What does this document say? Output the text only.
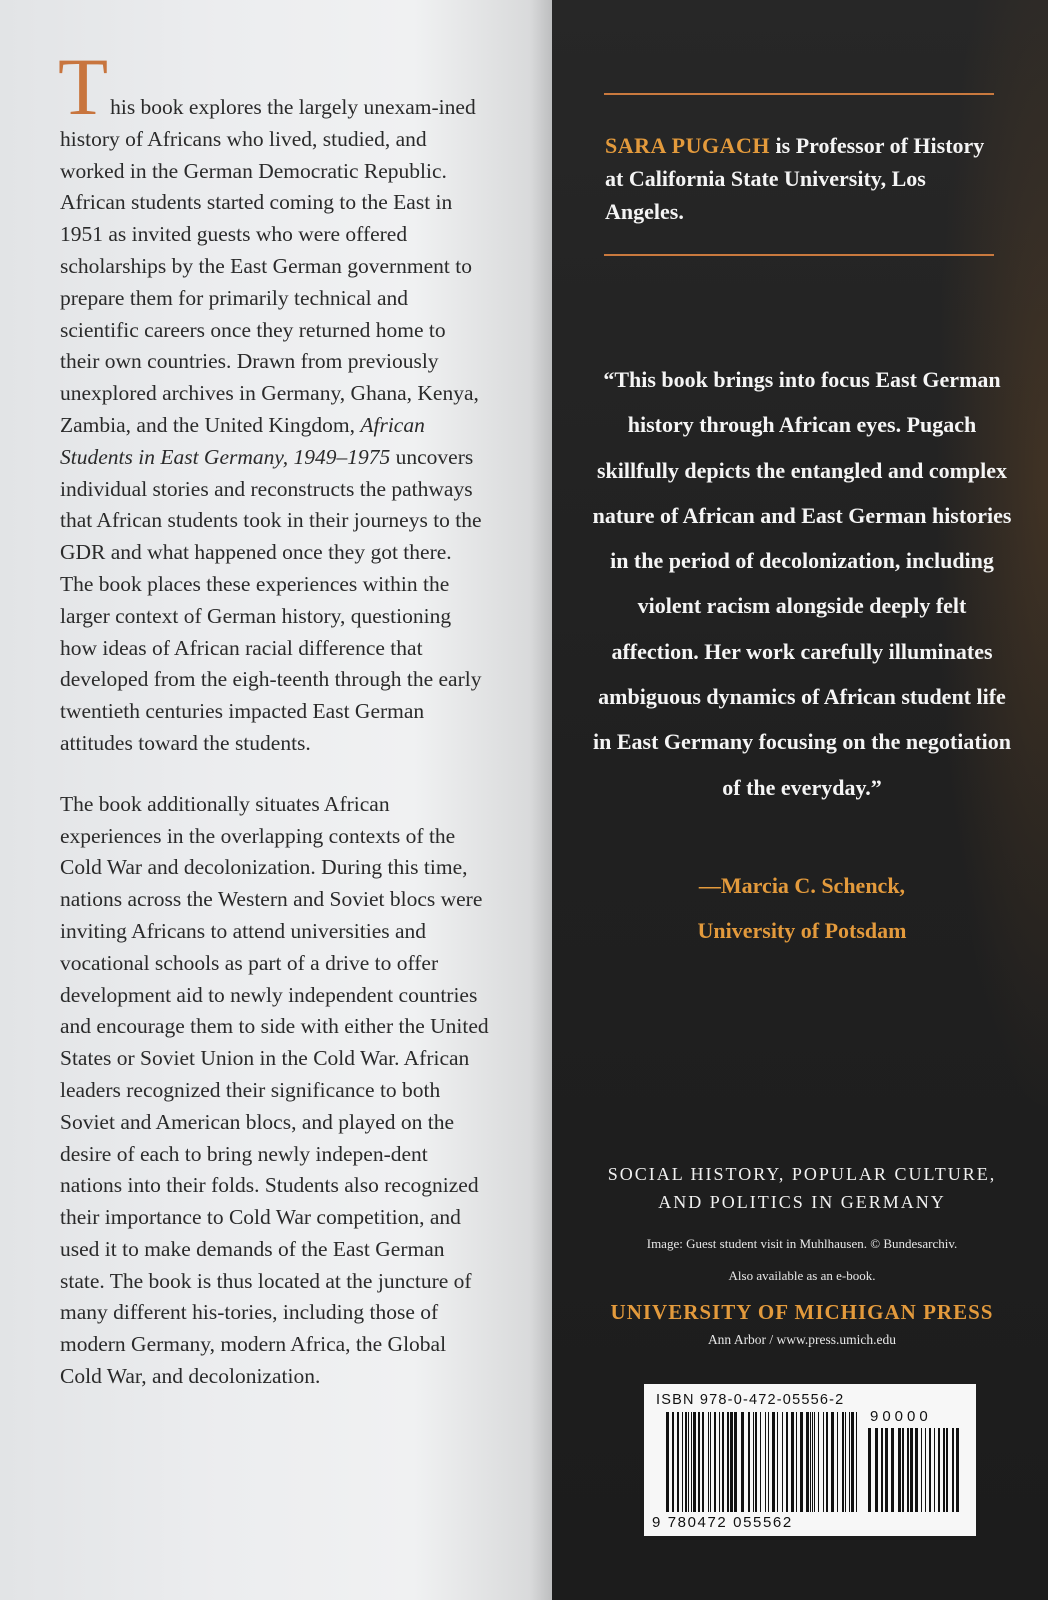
This book explores the largely unexam-ined history of Africans who lived, studied, and worked in the German Democratic Republic. African students started coming to the East in 1951 as invited guests who were offered scholarships by the East German government to prepare them for primarily technical and scientific careers once they returned home to their own countries. Drawn from previously unexplored archives in Germany, Ghana, Kenya, Zambia, and the United Kingdom, African Students in East Germany, 1949–1975 uncovers individual stories and reconstructs the pathways that African students took in their journeys to the GDR and what happened once they got there. The book places these experiences within the larger context of German history, questioning how ideas of African racial difference that developed from the eigh-teenth through the early twentieth centuries impacted East German attitudes toward the students.

The book additionally situates African experiences in the overlapping contexts of the Cold War and decolonization. During this time, nations across the Western and Soviet blocs were inviting Africans to attend universities and vocational schools as part of a drive to offer development aid to newly independent countries and encourage them to side with either the United States or Soviet Union in the Cold War. African leaders recognized their significance to both Soviet and American blocs, and played on the desire of each to bring newly indepen-dent nations into their folds. Students also recognized their importance to Cold War competition, and used it to make demands of the East German state. The book is thus located at the juncture of many different his-tories, including those of modern Germany, modern Africa, the Global Cold War, and decolonization.

SARA PUGACH is Professor of History at California State University, Los Angeles.
“This book brings into focus East German history through African eyes. Pugach skillfully depicts the entangled and complex nature of African and East German histories in the period of decolonization, including violent racism alongside deeply felt affection. Her work carefully illuminates ambiguous dynamics of African student life in East Germany focusing on the negotiation of the everyday.”
—Marcia C. Schenck,
University of Potsdam
SOCIAL HISTORY, POPULAR CULTURE,
AND POLITICS IN GERMANY
Image: Guest student visit in Muhlhausen. © Bundesarchiv.
Also available as an e-book.
UNIVERSITY OF MICHIGAN PRESS
Ann Arbor / www.press.umich.edu
ISBN 978-0-472-05556-2
90000
9 780472 055562
